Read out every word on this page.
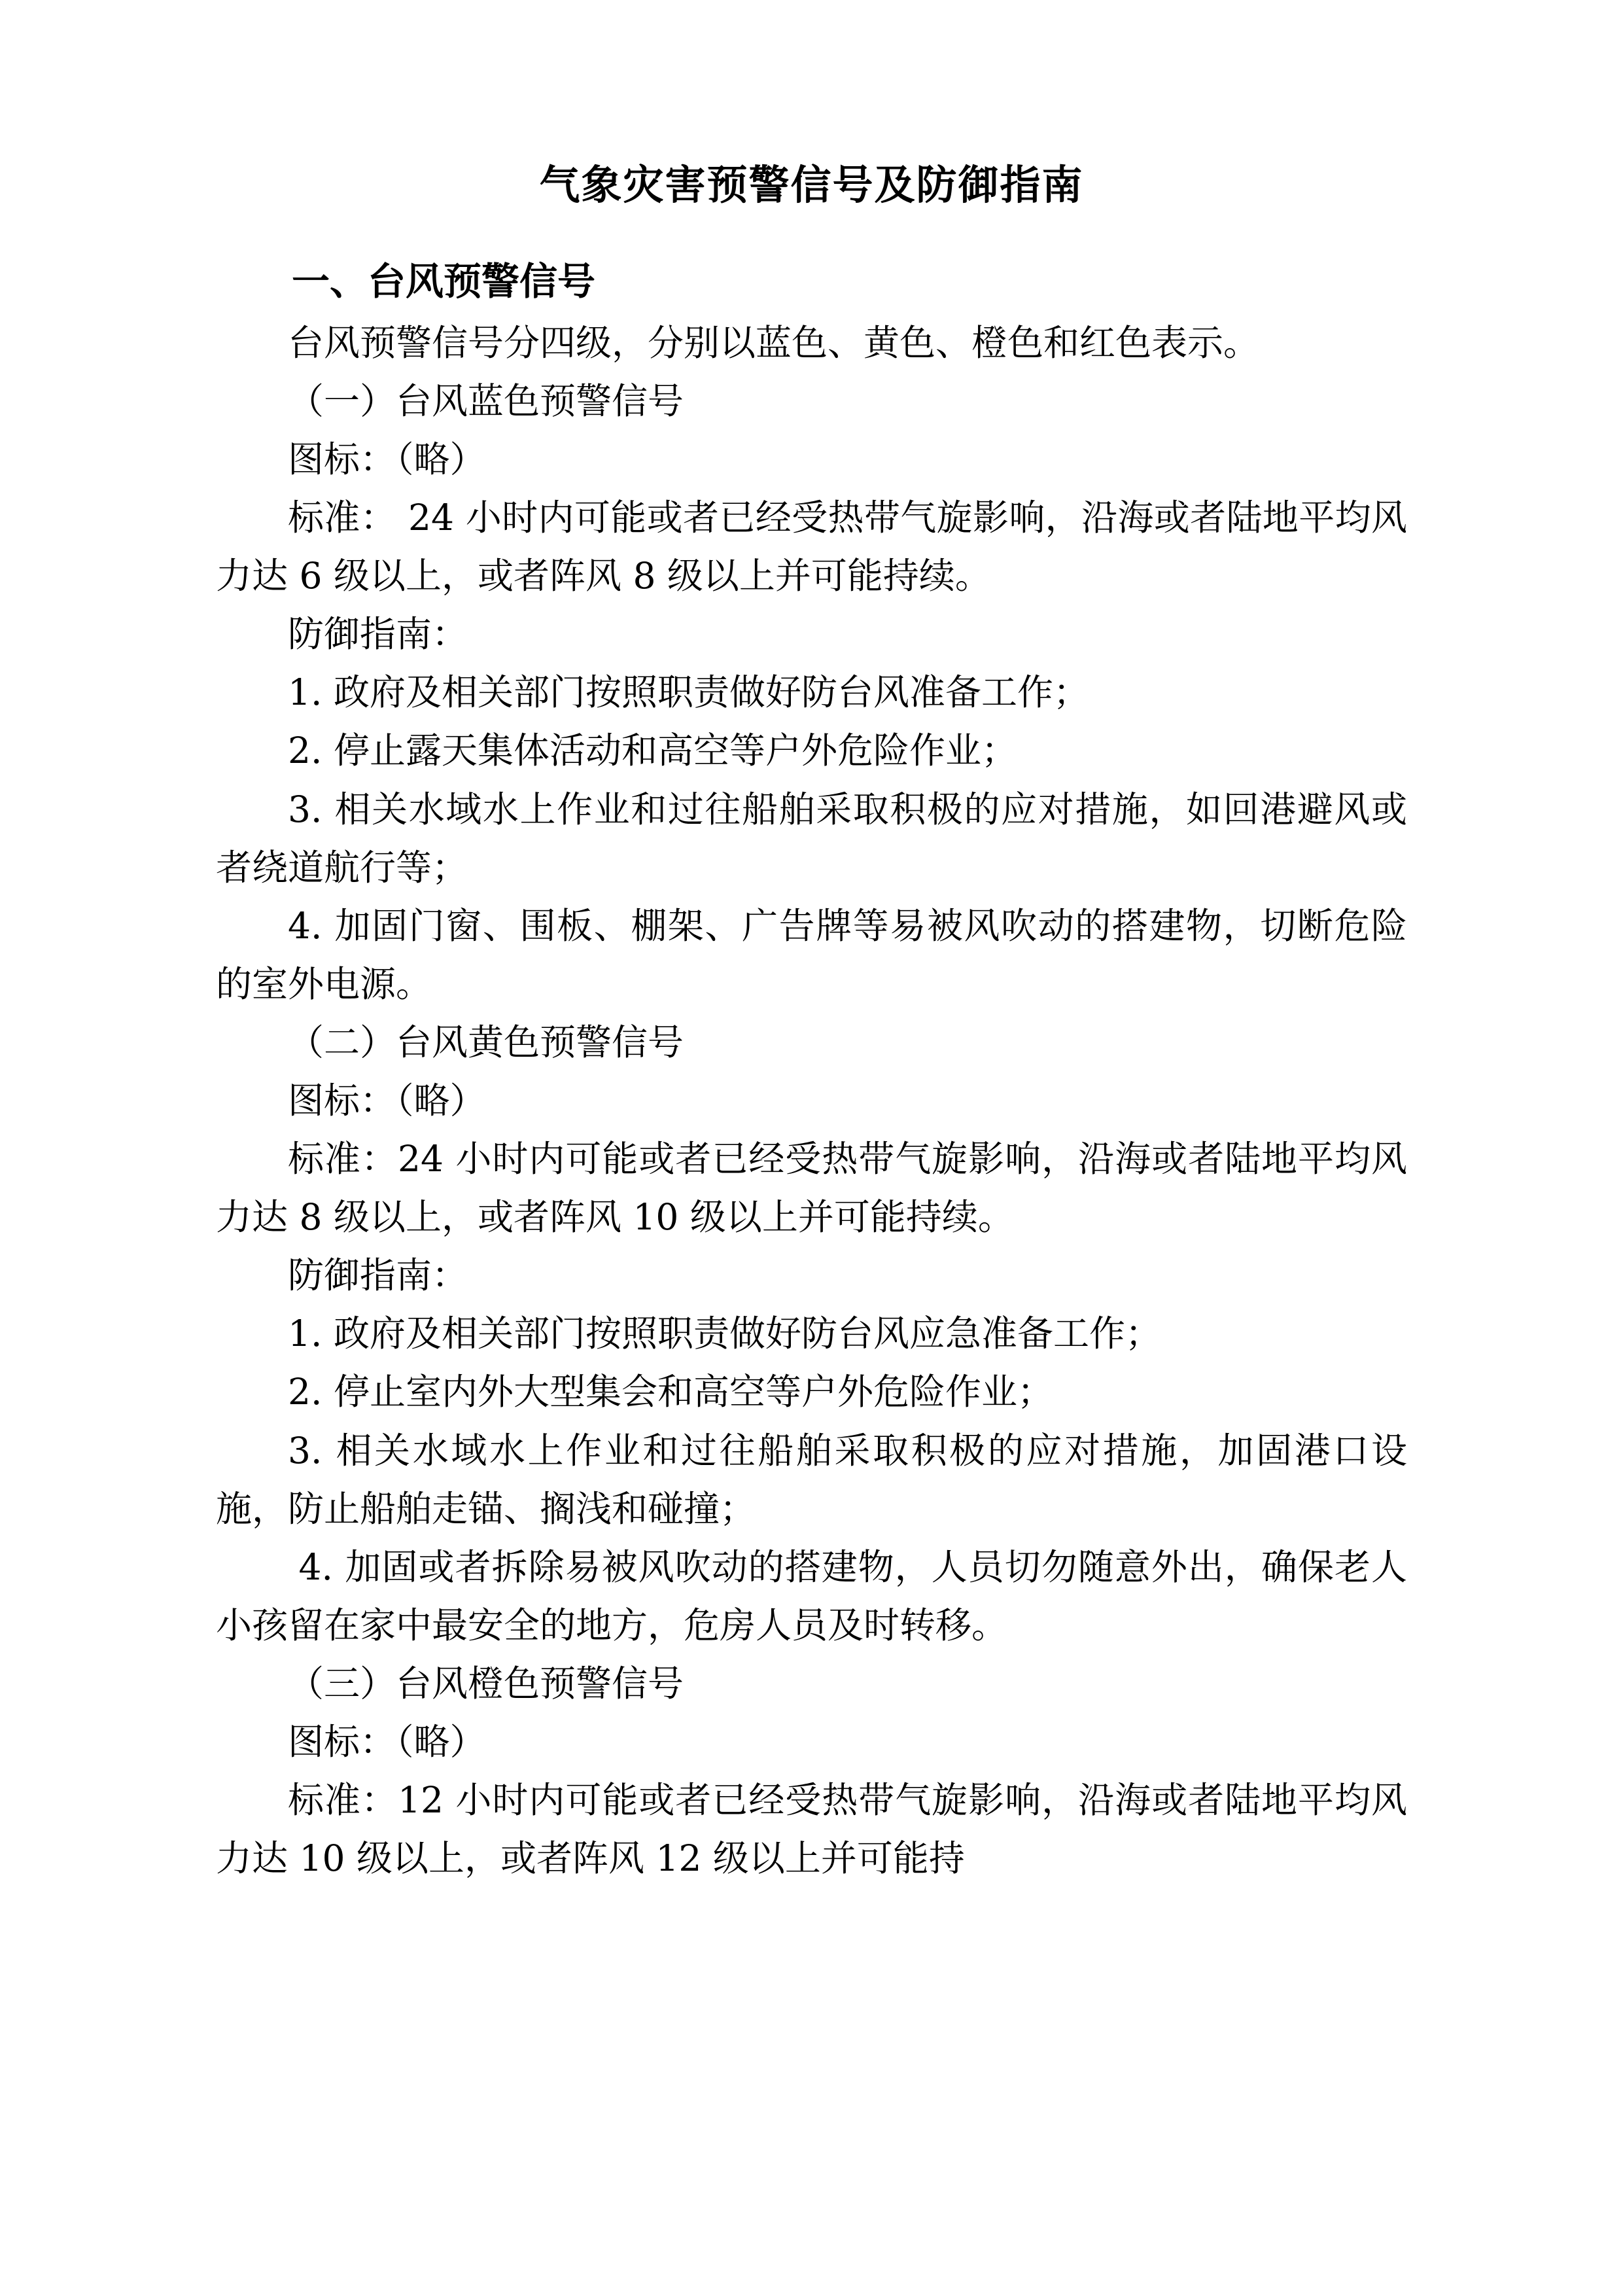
气象灾害预警信号及防御指南
一、台风预警信号

台风预警信号分四级，分别以蓝色、黄色、橙色和红色表示。

（一）台风蓝色预警信号

图标：（略）

标准： 24 小时内可能或者已经受热带气旋影响，沿海或者陆地平均风力达 6 级以上，或者阵风 8 级以上并可能持续。

防御指南：

1. 政府及相关部门按照职责做好防台风准备工作；

2. 停止露天集体活动和高空等户外危险作业；

3. 相关水域水上作业和过往船舶采取积极的应对措施，如回港避风或者绕道航行等；

4. 加固门窗、围板、棚架、广告牌等易被风吹动的搭建物，切断危险的室外电源。

（二）台风黄色预警信号

图标：（略）

标准：24 小时内可能或者已经受热带气旋影响，沿海或者陆地平均风力达 8 级以上，或者阵风 10 级以上并可能持续。

防御指南：

1. 政府及相关部门按照职责做好防台风应急准备工作；

2. 停止室内外大型集会和高空等户外危险作业；

3. 相关水域水上作业和过往船舶采取积极的应对措施，加固港口设施，防止船舶走锚、搁浅和碰撞；

4. 加固或者拆除易被风吹动的搭建物，人员切勿随意外出，确保老人小孩留在家中最安全的地方，危房人员及时转移。

（三）台风橙色预警信号

图标：（略）

标准：12 小时内可能或者已经受热带气旋影响，沿海或者陆地平均风力达 10 级以上，或者阵风 12 级以上并可能持
